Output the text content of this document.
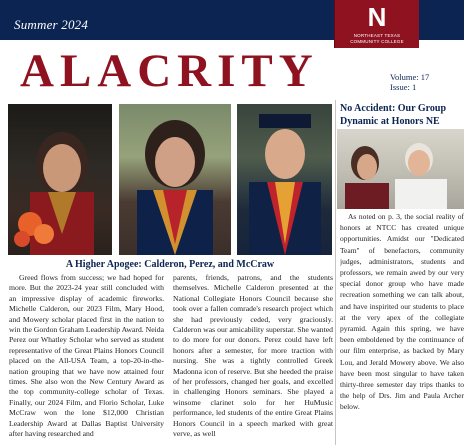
Summer 2024	N
NORTHEAST TEXAS
COMMUNITY COLLEGE
ALACRITY	Volume: 17
Issue: 1
No Accident: Our Group Dynamic at Honors NE
As noted on p. 3, the social reality of honors at NTCC has created unique opportunities. Amidst our "Dedicated Team" of benefactors, community judges, administrators, students and professors, we remain awed by our very special donor group who have made recreation something we can talk about, and have inspirited our students to place at the very apex of the collegiate pyramid. Again this spring, we have been emboldened by the continuance of our film enterprise, as backed by Mary Lou, and Jerald Mowery above. We also have been most singular to have taken thirty-three semester day trips thanks to the help of Drs. Jim and Paula Archer below.
A Higher Apogee: Calderon, Perez, and McCraw
Greed flows from success; we had hoped for more. But the 2023-24 year still concluded with an impressive display of academic fireworks. Michelle Calderon, our 2023 Film, Mary Hood, and Mowery scholar placed first in the nation to win the Gordon Graham Leadership Award. Neida Perez our Whatley Scholar who served as student representative of the Great Plains Honors Council placed on the All-USA Team, a top-20-in-the-nation grouping that we have now attained four times. She also won the New Century Award as the top community-college scholar of Texas. Finally, our 2024 Film, and Florio Scholar, Luke McCraw won the lone $12,000 Christian Leadership Award at Dallas Baptist University after having researched and
parents, friends, patrons, and the students themselves. Michelle Calderon presented at the National Collegiate Honors Council because she took over a fallen comrade's research project which she had previously ceded, very graciously. Calderon was our amicability superstar. She wanted to do more for our donors. Perez could have left honors after a semester, for more traction with nursing. She was a tightly controlled Greek Madonna icon of reserve. But she heeded the praise of her professors, changed her goals, and excelled in challenging Honors seminars. She played a winsome clarinet solo for her HuMusic performance, led students of the entire Great Plains Honors Council in a speech marked with great verve, as well
